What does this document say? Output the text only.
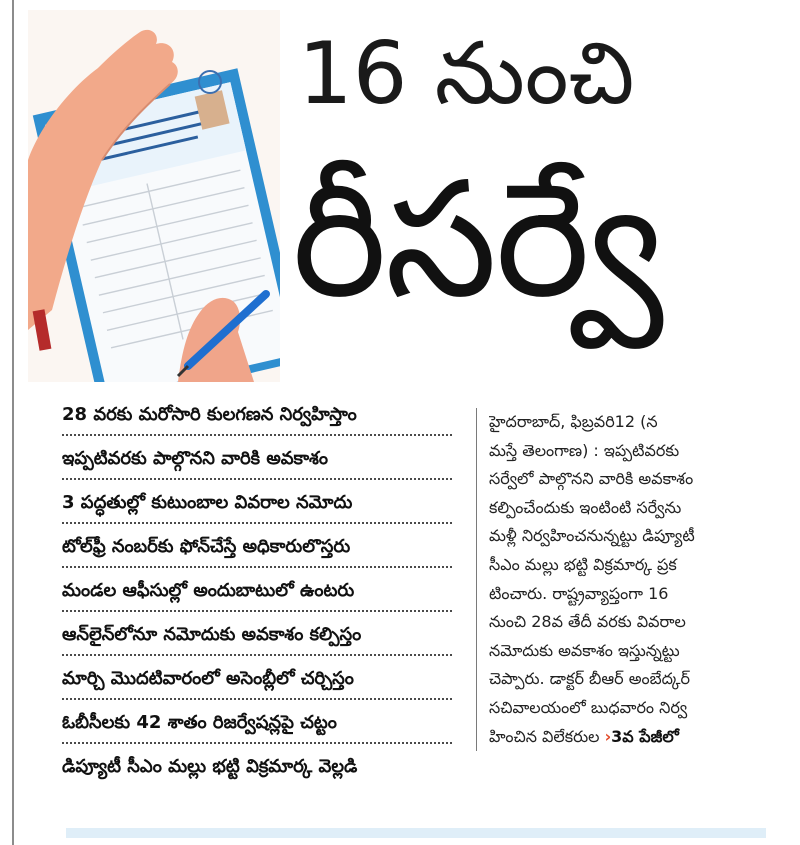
16 నుంచి
రీసర్వే
28 వరకు మరోసారి కులగణన నిర్వహిస్తాం
ఇప్పటివరకు పాల్గొనని వారికి అవకాశం
3 పద్ధతుల్లో కుటుంబాల వివరాల నమోదు
టోల్‌ఫ్రీ నంబర్‌కు ఫోన్‌చేస్తే అధికారులొస్తరు
మండల ఆఫీసుల్లో అందుబాటులో ఉంటరు
ఆన్‌లైన్‌లోనూ నమోదుకు అవకాశం కల్పిస్తం
మార్చి మొదటివారంలో అసెంబ్లీలో చర్చిస్తం
ఓబీసీలకు 42 శాతం రిజర్వేషన్లపై చట్టం
డిప్యూటీ సీఎం మల్లు భట్టి విక్రమార్క వెల్లడి
హైదరాబాద్, ఫిబ్రవరి12 (న
మస్తే తెలంగాణ) : ఇప్పటివరకు
సర్వేలో పాల్గొనని వారికి అవకాశం
కల్పించేందుకు ఇంటింటి సర్వేను
మళ్లీ నిర్వహించనున్నట్టు డిప్యూటీ
సీఎం మల్లు భట్టి విక్రమార్క ప్రక
టించారు. రాష్ట్రవ్యాప్తంగా 16
నుంచి 28వ తేదీ వరకు వివరాల
నమోదుకు అవకాశం ఇస్తున్నట్టు
చెప్పారు. డాక్టర్ బీఆర్ అంబేద్కర్
సచివాలయంలో బుధవారం నిర్వ
హించిన విలేకరుల ›3వ పేజీలో
